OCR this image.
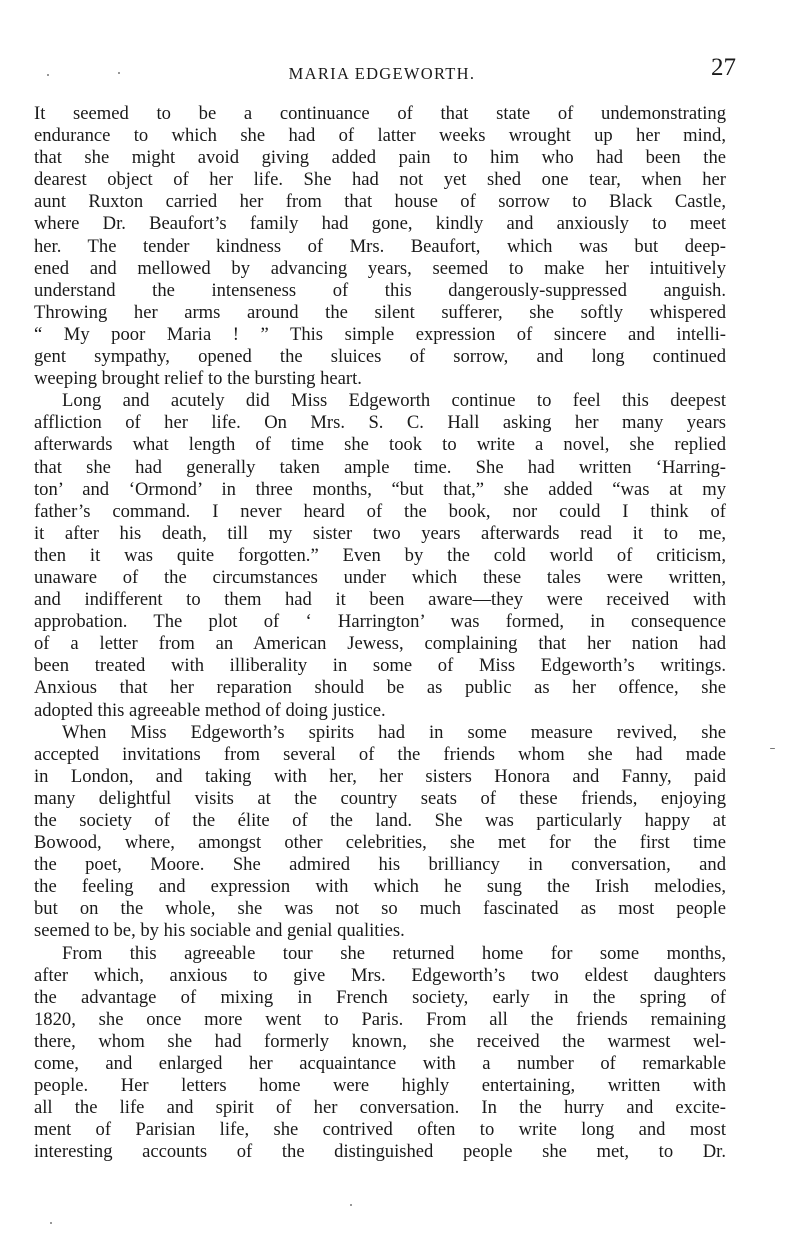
MARIA EDGEWORTH.	27
It seemed to be a continuance of that state of undemonstrating
endurance to which she had of latter weeks wrought up her mind,
that she might avoid giving added pain to him who had been the
dearest object of her life. She had not yet shed one tear, when her
aunt Ruxton carried her from that house of sorrow to Black Castle,
where Dr. Beaufort’s family had gone, kindly and anxiously to meet
her. The tender kindness of Mrs. Beaufort, which was but deep-
ened and mellowed by advancing years, seemed to make her intuitively
understand the intenseness of this dangerously-suppressed anguish.
Throwing her arms around the silent sufferer, she softly whispered
“ My poor Maria ! ” This simple expression of sincere and intelli-
gent sympathy, opened the sluices of sorrow, and long continued
weeping brought relief to the bursting heart.
Long and acutely did Miss Edgeworth continue to feel this deepest
affliction of her life. On Mrs. S. C. Hall asking her many years
afterwards what length of time she took to write a novel, she replied
that she had generally taken ample time. She had written ‘Harring-
ton’ and ‘Ormond’ in three months, “but that,” she added “was at my
father’s command. I never heard of the book, nor could I think of
it after his death, till my sister two years afterwards read it to me,
then it was quite forgotten.” Even by the cold world of criticism,
unaware of the circumstances under which these tales were written,
and indifferent to them had it been aware—they were received with
approbation. The plot of ‘ Harrington’ was formed, in consequence
of a letter from an American Jewess, complaining that her nation had
been treated with illiberality in some of Miss Edgeworth’s writings.
Anxious that her reparation should be as public as her offence, she
adopted this agreeable method of doing justice.
When Miss Edgeworth’s spirits had in some measure revived, she
accepted invitations from several of the friends whom she had made
in London, and taking with her, her sisters Honora and Fanny, paid
many delightful visits at the country seats of these friends, enjoying
the society of the élite of the land. She was particularly happy at
Bowood, where, amongst other celebrities, she met for the first time
the poet, Moore. She admired his brilliancy in conversation, and
the feeling and expression with which he sung the Irish melodies,
but on the whole, she was not so much fascinated as most people
seemed to be, by his sociable and genial qualities.
From this agreeable tour she returned home for some months,
after which, anxious to give Mrs. Edgeworth’s two eldest daughters
the advantage of mixing in French society, early in the spring of
1820, she once more went to Paris. From all the friends remaining
there, whom she had formerly known, she received the warmest wel-
come, and enlarged her acquaintance with a number of remarkable
people. Her letters home were highly entertaining, written with
all the life and spirit of her conversation. In the hurry and excite-
ment of Parisian life, she contrived often to write long and most
interesting accounts of the distinguished people she met, to Dr.
